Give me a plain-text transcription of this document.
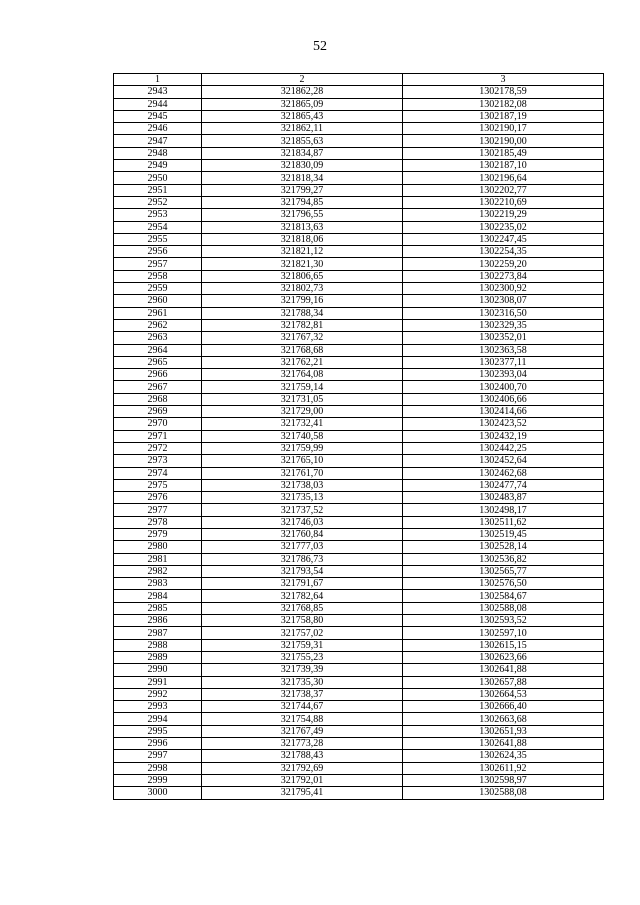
52
1	2	3
2943	321862,28	1302178,59
2944	321865,09	1302182,08
2945	321865,43	1302187,19
2946	321862,11	1302190,17
2947	321855,63	1302190,00
2948	321834,87	1302185,49
2949	321830,09	1302187,10
2950	321818,34	1302196,64
2951	321799,27	1302202,77
2952	321794,85	1302210,69
2953	321796,55	1302219,29
2954	321813,63	1302235,02
2955	321818,06	1302247,45
2956	321821,12	1302254,35
2957	321821,30	1302259,20
2958	321806,65	1302273,84
2959	321802,73	1302300,92
2960	321799,16	1302308,07
2961	321788,34	1302316,50
2962	321782,81	1302329,35
2963	321767,32	1302352,01
2964	321768,68	1302363,58
2965	321762,21	1302377,11
2966	321764,08	1302393,04
2967	321759,14	1302400,70
2968	321731,05	1302406,66
2969	321729,00	1302414,66
2970	321732,41	1302423,52
2971	321740,58	1302432,19
2972	321759,99	1302442,25
2973	321765,10	1302452,64
2974	321761,70	1302462,68
2975	321738,03	1302477,74
2976	321735,13	1302483,87
2977	321737,52	1302498,17
2978	321746,03	1302511,62
2979	321760,84	1302519,45
2980	321777,03	1302528,14
2981	321786,73	1302536,82
2982	321793,54	1302565,77
2983	321791,67	1302576,50
2984	321782,64	1302584,67
2985	321768,85	1302588,08
2986	321758,80	1302593,52
2987	321757,02	1302597,10
2988	321759,31	1302615,15
2989	321755,23	1302623,66
2990	321739,39	1302641,88
2991	321735,30	1302657,88
2992	321738,37	1302664,53
2993	321744,67	1302666,40
2994	321754,88	1302663,68
2995	321767,49	1302651,93
2996	321773,28	1302641,88
2997	321788,43	1302624,35
2998	321792,69	1302611,92
2999	321792,01	1302598,97
3000	321795,41	1302588,08
